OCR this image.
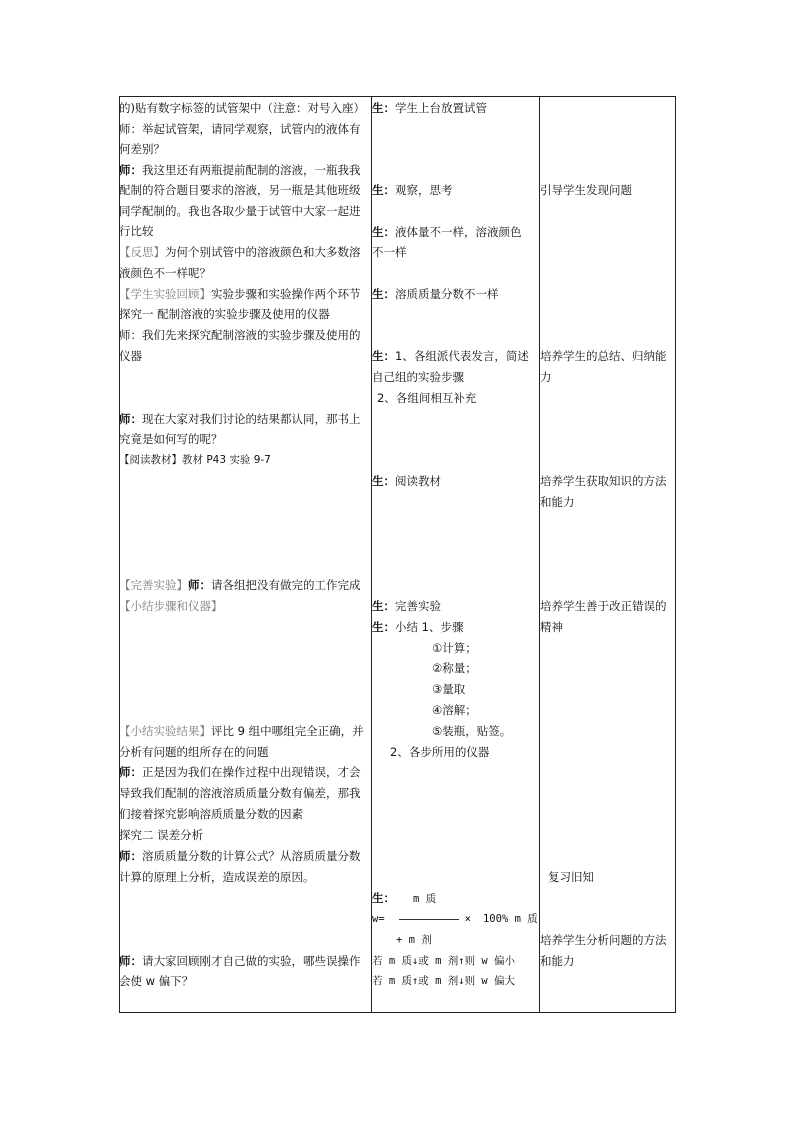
的)贴有数字标签的试管架中（注意：对号入座）
师：举起试管架，请同学观察，试管内的液体有
何差别？
师：我这里还有两瓶提前配制的溶液，一瓶我我
配制的符合题目要求的溶液，另一瓶是其他班级
同学配制的。我也各取少量于试管中大家一起进
行比较
【反思】为何个别试管中的溶液颜色和大多数溶
液颜色不一样呢？
【学生实验回顾】实验步骤和实验操作两个环节
探究一 配制溶液的实验步骤及使用的仪器
师：我们先来探究配制溶液的实验步骤及使用的
仪器
师：现在大家对我们讨论的结果都认同，那书上
究竟是如何写的呢？
【阅读教材】教材 P43 实验 9-7
【完善实验】师：请各组把没有做完的工作完成
【小结步骤和仪器】
【小结实验结果】评比 9 组中哪组完全正确，并
分析有问题的组所存在的问题
师：正是因为我们在操作过程中出现错误，才会
导致我们配制的溶液溶质质量分数有偏差，那我
们接着探究影响溶质质量分数的因素
探究二 误差分析
师：溶质质量分数的计算公式？从溶质质量分数
计算的原理上分析，造成误差的原因。
师：请大家回顾刚才自己做的实验，哪些误操作
会使 w 偏下？
生：学生上台放置试管
生：观察，思考
生：液体量不一样，溶液颜色
不一样
生：溶质质量分数不一样
生：1、各组派代表发言，简述
自己组的实验步骤
2、各组间相互补充
生：阅读教材
生：完善实验
生：小结 1、步骤
①计算；
②称量；
③量取
④溶解；
⑤装瓶，贴签。
2、各步所用的仪器
生： m 质
w=	× 100% m 质
+ m 剂
若 m 质↓或 m 剂↑则 w 偏小
若 m 质↑或 m 剂↓则 w 偏大
引导学生发现问题
培养学生的总结、归纳能
力
培养学生获取知识的方法
和能力
培养学生善于改正错误的
精神
复习旧知
培养学生分析问题的方法
和能力
